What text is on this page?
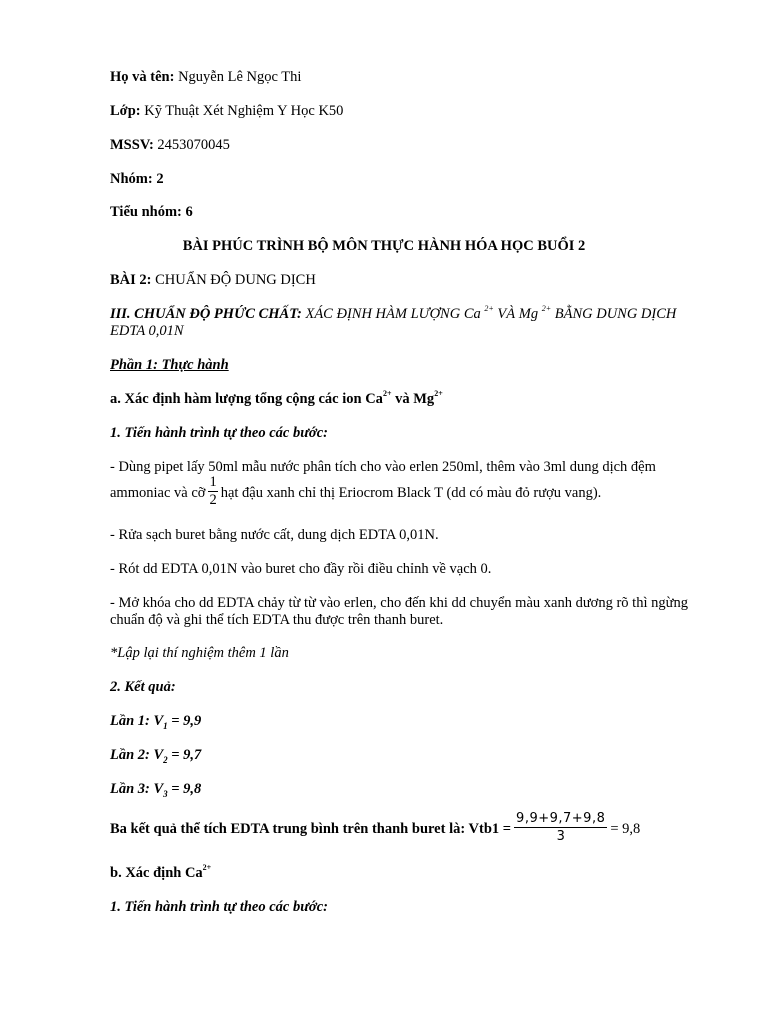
Họ và tên: Nguyễn Lê Ngọc Thi
Lớp: Kỹ Thuật Xét Nghiệm Y Học K50
MSSV: 2453070045
Nhóm: 2
Tiểu nhóm: 6
BÀI PHÚC TRÌNH BỘ MÔN THỰC HÀNH HÓA HỌC BUỔI 2
BÀI 2: CHUẨN ĐỘ DUNG DỊCH
III. CHUẨN ĐỘ PHỨC CHẤT: XÁC ĐỊNH HÀM LƯỢNG Ca $^{2+}$ VÀ Mg $^{2+}$ BẰNG DUNG DỊCH EDTA 0,01N
Phần 1: Thực hành
a. Xác định hàm lượng tổng cộng các ion $Ca^{2+}$ và $Mg^{2+}$
1. Tiến hành trình tự theo các bước:
- Dùng pipet lấy 50ml mẫu nước phân tích cho vào erlen 250ml, thêm vào 3ml dung dịch đệm
ammoniac và cỡ $\frac{1}{2}$ hạt đậu xanh chỉ thị Eriocrom Black T (dd có màu đỏ rượu vang).
- Rửa sạch buret bằng nước cất, dung dịch EDTA 0,01N.
- Rót dd EDTA 0,01N vào buret cho đầy rồi điều chỉnh về vạch 0.
- Mở khóa cho dd EDTA chảy từ từ vào erlen, cho đến khi dd chuyển màu xanh dương rõ thì ngừng chuẩn độ và ghi thể tích EDTA thu được trên thanh buret.
*Lập lại thí nghiệm thêm 1 lần
2. Kết quả:
Lần 1: $V_1 = 9,9$
Lần 2: $V_2 = 9,7$
Lần 3: $V_3 = 9,8$
Ba kết quả thể tích EDTA trung bình trên thanh buret là: $Vtb1 = \frac{9,9+9,7+9,8}{3} = 9,8$
b. Xác định $Ca^{2+}$
1. Tiến hành trình tự theo các bước:
